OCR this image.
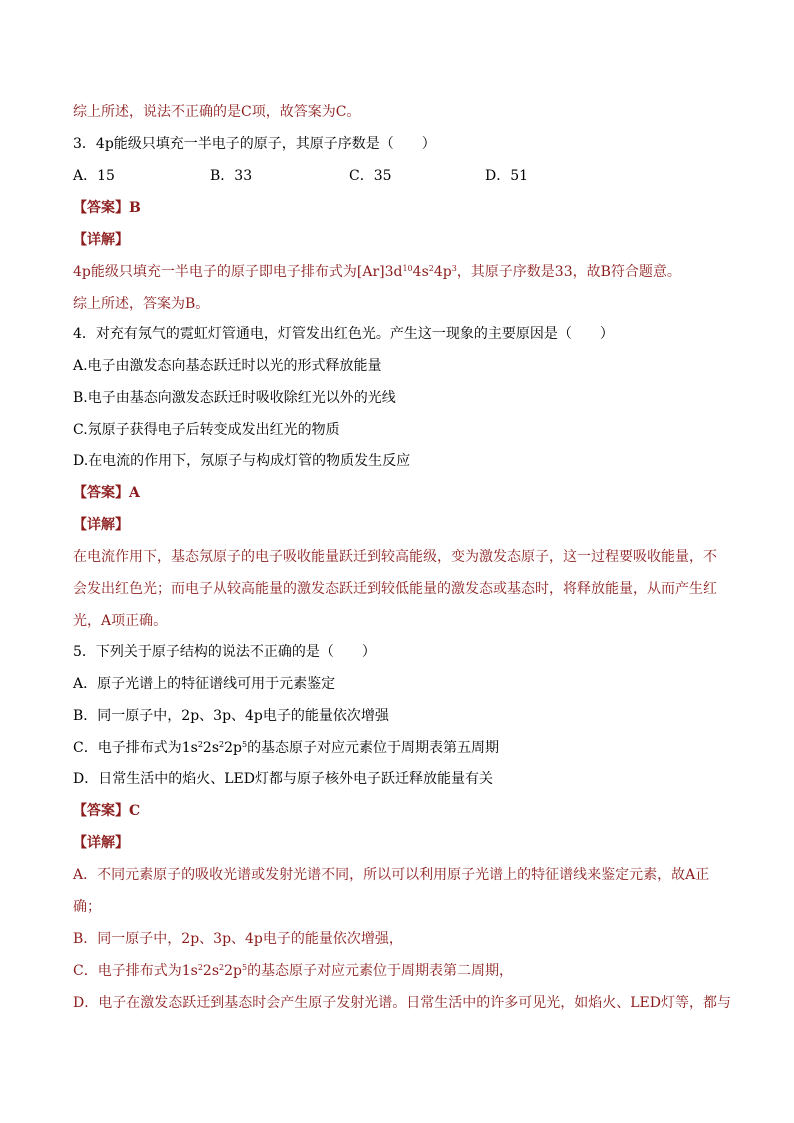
综上所述，说法不正确的是C项，故答案为C。
3．4p能级只填充一半电子的原子，其原子序数是（　　）
A．15	B．33	C．35	D．51
【答案】B
【详解】
4p能级只填充一半电子的原子即电子排布式为$[Ar]3d^{10}4s^24p^3$，其原子序数是33，故B符合题意。
综上所述，答案为B。
4．对充有氖气的霓虹灯管通电，灯管发出红色光。产生这一现象的主要原因是（　　）
A.电子由激发态向基态跃迁时以光的形式释放能量
B.电子由基态向激发态跃迁时吸收除红光以外的光线
C.氖原子获得电子后转变成发出红光的物质
D.在电流的作用下，氖原子与构成灯管的物质发生反应
【答案】A
【详解】
在电流作用下，基态氖原子的电子吸收能量跃迁到较高能级，变为激发态原子，这一过程要吸收能量，不
会发出红色光；而电子从较高能量的激发态跃迁到较低能量的激发态或基态时，将释放能量，从而产生红
光，A项正确。
5．下列关于原子结构的说法不正确的是（　　）
A．原子光谱上的特征谱线可用于元素鉴定
B．同一原子中，2p、3p、4p电子的能量依次增强
C．电子排布式为$1s^22s^22p^5$的基态原子对应元素位于周期表第五周期
D．日常生活中的焰火、LED灯都与原子核外电子跃迁释放能量有关
【答案】C
【详解】
A．不同元素原子的吸收光谱或发射光谱不同，所以可以利用原子光谱上的特征谱线来鉴定元素，故A正
确；
B．同一原子中，2p、3p、4p电子的能量依次增强，
C．电子排布式为$1s^22s^22p^5$的基态原子对应元素位于周期表第二周期，
D．电子在激发态跃迁到基态时会产生原子发射光谱。日常生活中的许多可见光，如焰火、LED灯等，都与
